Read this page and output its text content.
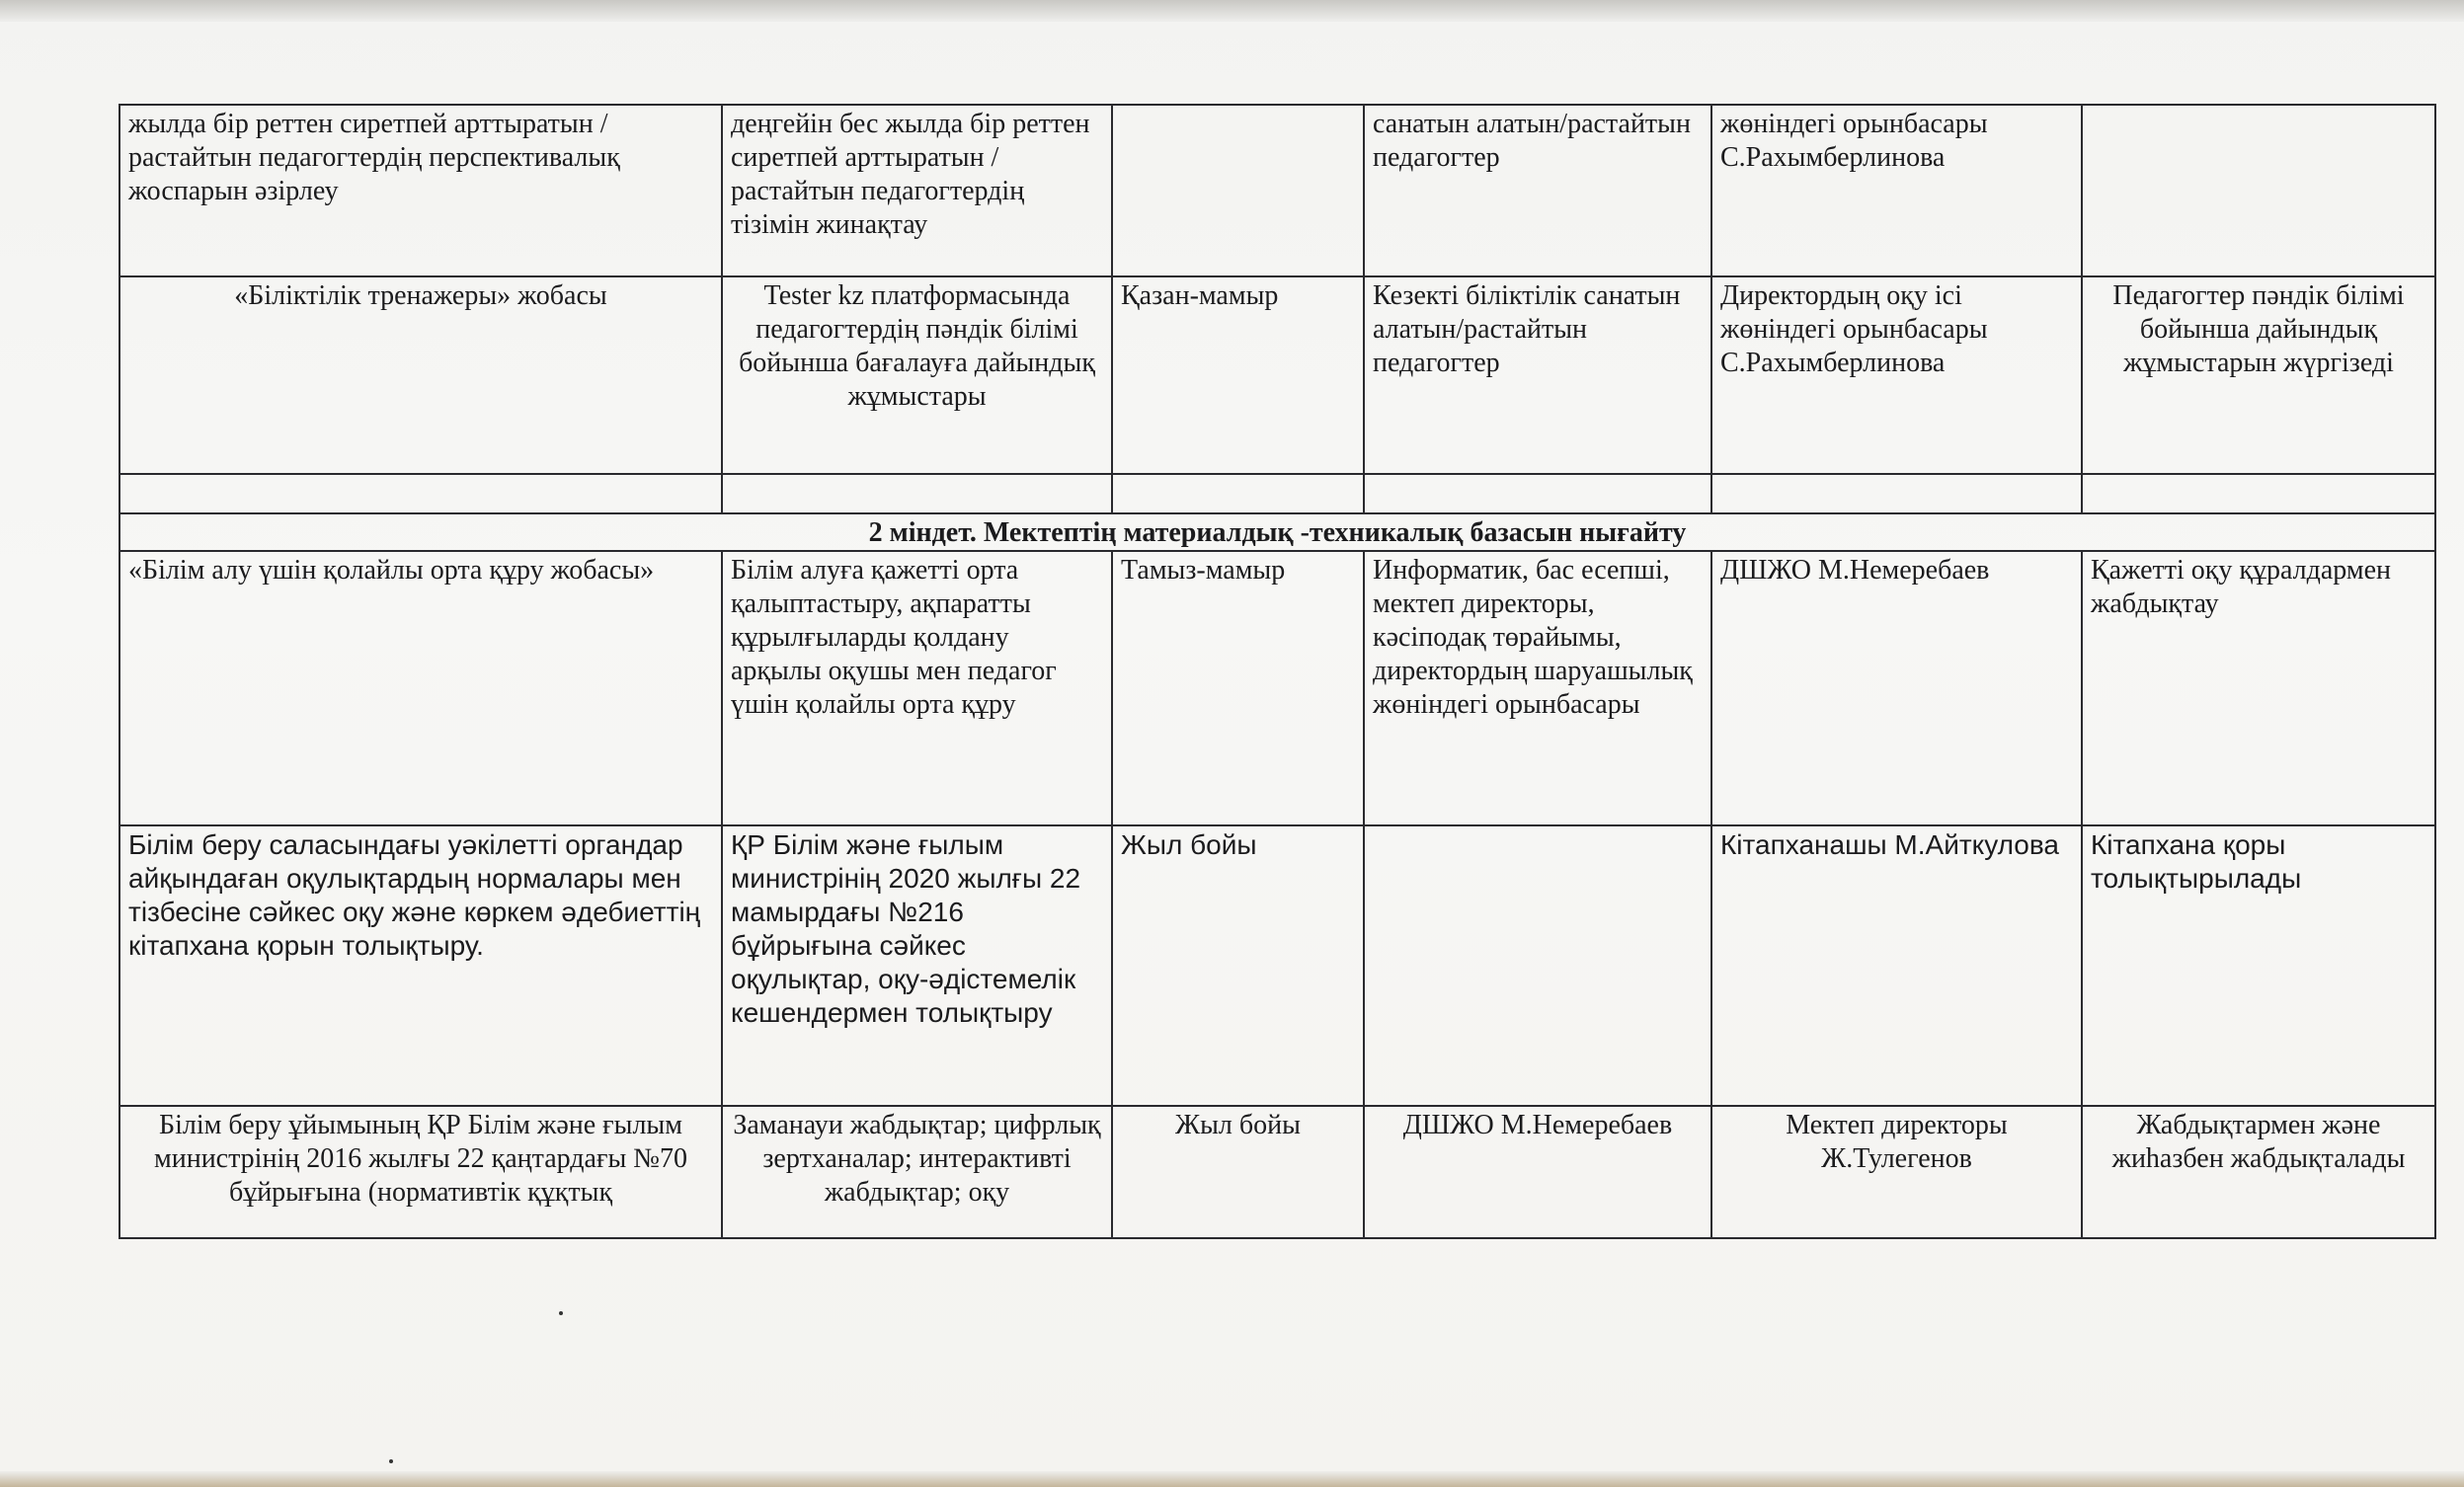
жылда бір реттен сиретпей арттыратын /растайтын педагогтердің перспективалық жоспарын әзірлеу	деңгейін бес жылда бір реттен сиретпей арттыратын /растайтын педагогтердің тізімін жинақтау		санатын алатын/растайтын педагогтер	жөніндегі орынбасары С.Рахымберлинова	
«Біліктілік тренажеры» жобасы	Tester kz платформасында педагогтердің пәндік білімі бойынша бағалауға дайындық жұмыстары	Қазан-мамыр	Кезекті біліктілік санатын алатын/растайтын педагогтер	Директордың оқу ісі жөніндегі орынбасары С.Рахымберлинова	Педагогтер пәндік білімі бойынша дайындық жұмыстарын жүргізеді

2 міндет. Мектептің материалдық -техникалық базасын нығайту					
«Білім алу үшін қолайлы орта құру жобасы»	Білім алуға қажетті орта қалыптастыру, ақпаратты құрылғыларды қолдану арқылы оқушы мен педагог үшін қолайлы орта құру	Тамыз-мамыр	Информатик, бас есепші, мектеп директоры, кәсіподақ төрайымы, директордың шаруашылық жөніндегі орынбасары	ДШЖО М.Немеребаев	Қажетті оқу құралдармен жабдықтау
Білім беру саласындағы уәкілетті органдар айқындаған оқулықтардың нормалары мен тізбесіне сәйкес оқу және көркем әдебиеттің кітапхана қорын толықтыру.	ҚР Білім және ғылым министрінің 2020 жылғы 22 мамырдағы №216 бұйрығына сәйкес оқулықтар, оқу-әдістемелік кешендермен толықтыру	Жыл бойы		Кітапханашы М.Айткулова	Кітапхана қоры толықтырылады
Білім беру ұйымының ҚР Білім және ғылым министрінің 2016 жылғы 22 қаңтардағы №70 бұйрығына (нормативтік құқтық	Заманауи жабдықтар; цифрлық зертханалар; интерактивті жабдықтар; оқу	Жыл бойы	ДШЖО М.Немеребаев	Мектеп директоры Ж.Тулегенов	Жабдықтармен және жиһазбен жабдықталады
